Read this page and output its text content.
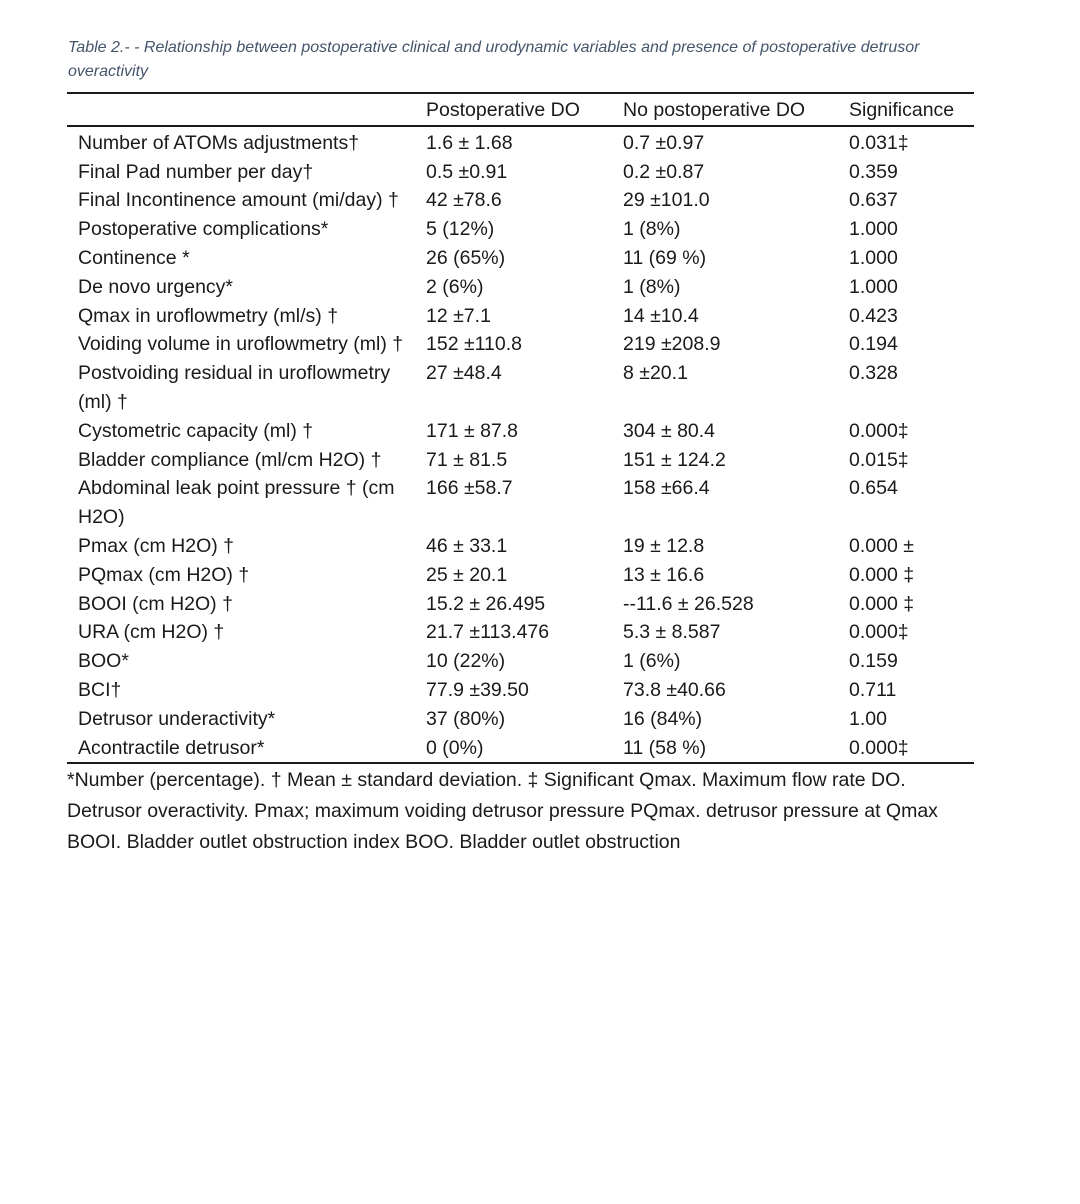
Table 2.- - Relationship between postoperative clinical and urodynamic variables and presence of postoperative detrusor overactivity

	Postoperative DO	No postoperative DO	Significance
Number of ATOMs adjustments†	1.6 ± 1.68	0.7 ±0.97	0.031‡
Final Pad number per day†	0.5 ±0.91	0.2 ±0.87	0.359
Final Incontinence amount (mi/day) †	42 ±78.6	29 ±101.0	0.637
Postoperative complications*	5 (12%)	1 (8%)	1.000
Continence *	26 (65%)	11 (69 %)	1.000
De novo urgency*	2 (6%)	1 (8%)	1.000
Qmax in uroflowmetry (ml/s) †	12 ±7.1	14 ±10.4	0.423
Voiding volume in uroflowmetry (ml) †	152 ±110.8	219 ±208.9	0.194
Postvoiding residual in uroflowmetry (ml) †	27 ±48.4	8 ±20.1	0.328
Cystometric capacity (ml) †	171 ± 87.8	304 ± 80.4	0.000‡
Bladder compliance (ml/cm H2O) †	71 ± 81.5	151 ± 124.2	0.015‡
Abdominal leak point pressure † (cm H2O)	166 ±58.7	158 ±66.4	0.654
Pmax (cm H2O) †	46 ± 33.1	19 ± 12.8	0.000 ±
PQmax (cm H2O) †	25 ± 20.1	13 ± 16.6	0.000 ‡
BOOI (cm H2O) †	15.2 ± 26.495	--11.6 ± 26.528	0.000 ‡
URA (cm H2O) †	21.7 ±113.476	5.3 ± 8.587	0.000‡
BOO*	10 (22%)	1 (6%)	0.159
BCI†	77.9 ±39.50	73.8 ±40.66	0.711
Detrusor underactivity*	37 (80%)	16 (84%)	1.00
Acontractile detrusor*	0 (0%)	11 (58 %)	0.000‡
*Number (percentage). † Mean ± standard deviation. ‡ Significant Qmax. Maximum flow rate DO. Detrusor overactivity. Pmax; maximum voiding detrusor pressure PQmax. detrusor pressure at Qmax BOOI. Bladder outlet obstruction index BOO. Bladder outlet obstruction
